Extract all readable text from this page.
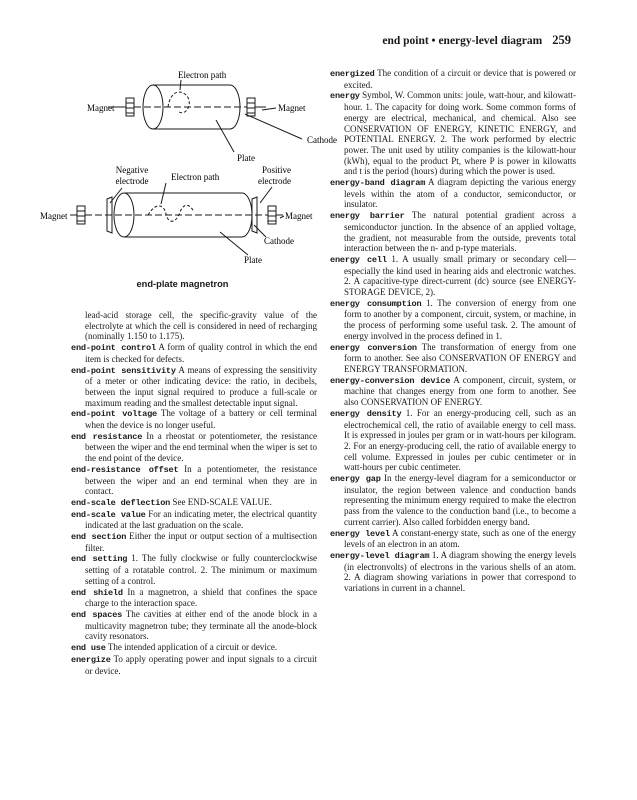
end point • energy-level diagram 259
Electron path
Magnet	Magnet
Cathode
Plate
Negative
electrode	Electron path
Positive
electrode
Magnet	Magnet
Cathode
Plate
end-plate magnetron

lead-acid storage cell, the specific-gravity value of the electrolyte at which the cell is considered in need of recharging (nominally 1.150 to 1.175).

end-point control A form of quality control in which the end item is checked for defects.

end-point sensitivity A means of expressing the sensitivity of a meter or other indicating device: the ratio, in decibels, between the input signal required to produce a full-scale or maximum reading and the smallest detectable input signal.

end-point voltage The voltage of a battery or cell terminal when the device is no longer useful.

end resistance In a rheostat or potentiometer, the resistance between the wiper and the end terminal when the wiper is set to the end point of the device.

end-resistance offset In a potentiometer, the resistance between the wiper and an end terminal when they are in contact.

end-scale deflection See END-SCALE VALUE.

end-scale value For an indicating meter, the electrical quantity indicated at the last graduation on the scale.

end section Either the input or output section of a multisection filter.

end setting 1. The fully clockwise or fully counterclockwise setting of a rotatable control. 2. The minimum or maximum setting of a control.

end shield In a magnetron, a shield that confines the space charge to the interaction space.

end spaces The cavities at either end of the anode block in a multicavity magnetron tube; they terminate all the anode-block cavity resonators.

end use The intended application of a circuit or device.

energize To apply operating power and input signals to a circuit or device.

energized The condition of a circuit or device that is powered or excited.

energy Symbol, W. Common units: joule, watt-hour, and kilowatt-hour. 1. The capacity for doing work. Some common forms of energy are electrical, mechanical, and chemical. Also see CONSERVATION OF ENERGY, KINETIC ENERGY, and POTENTIAL ENERGY. 2. The work performed by electric power. The unit used by utility companies is the kilowatt-hour (kWh), equal to the product Pt, where P is power in kilowatts and t is the period (hours) during which the power is used.

energy-band diagram A diagram depicting the various energy levels within the atom of a conductor, semiconductor, or insulator.

energy barrier The natural potential gradient across a semiconductor junction. In the absence of an applied voltage, the gradient, not measurable from the outside, prevents total interaction between the n- and p-type materials.

energy cell 1. A usually small primary or secondary cell—especially the kind used in hearing aids and electronic watches. 2. A capacitive-type direct-current (dc) source (see ENERGY-STORAGE DEVICE, 2).

energy consumption 1. The conversion of energy from one form to another by a component, circuit, system, or machine, in the process of performing some useful task. 2. The amount of energy involved in the process defined in 1.

energy conversion The transformation of energy from one form to another. See also CONSERVATION OF ENERGY and ENERGY TRANSFORMATION.

energy-conversion device A component, circuit, system, or machine that changes energy from one form to another. See also CONSERVATION OF ENERGY.

energy density 1. For an energy-producing cell, such as an electrochemical cell, the ratio of available energy to cell mass. It is expressed in joules per gram or in watt-hours per kilogram. 2. For an energy-producing cell, the ratio of available energy to cell volume. Expressed in joules per cubic centimeter or in watt-hours per cubic centimeter.

energy gap In the energy-level diagram for a semiconductor or insulator, the region between valence and conduction bands representing the minimum energy required to make the electron pass from the valence to the conduction band (i.e., to become a current carrier). Also called forbidden energy band.

energy level A constant-energy state, such as one of the energy levels of an electron in an atom.

energy-level diagram 1. A diagram showing the energy levels (in electronvolts) of electrons in the various shells of an atom. 2. A diagram showing variations in power that correspond to variations in current in a channel.
